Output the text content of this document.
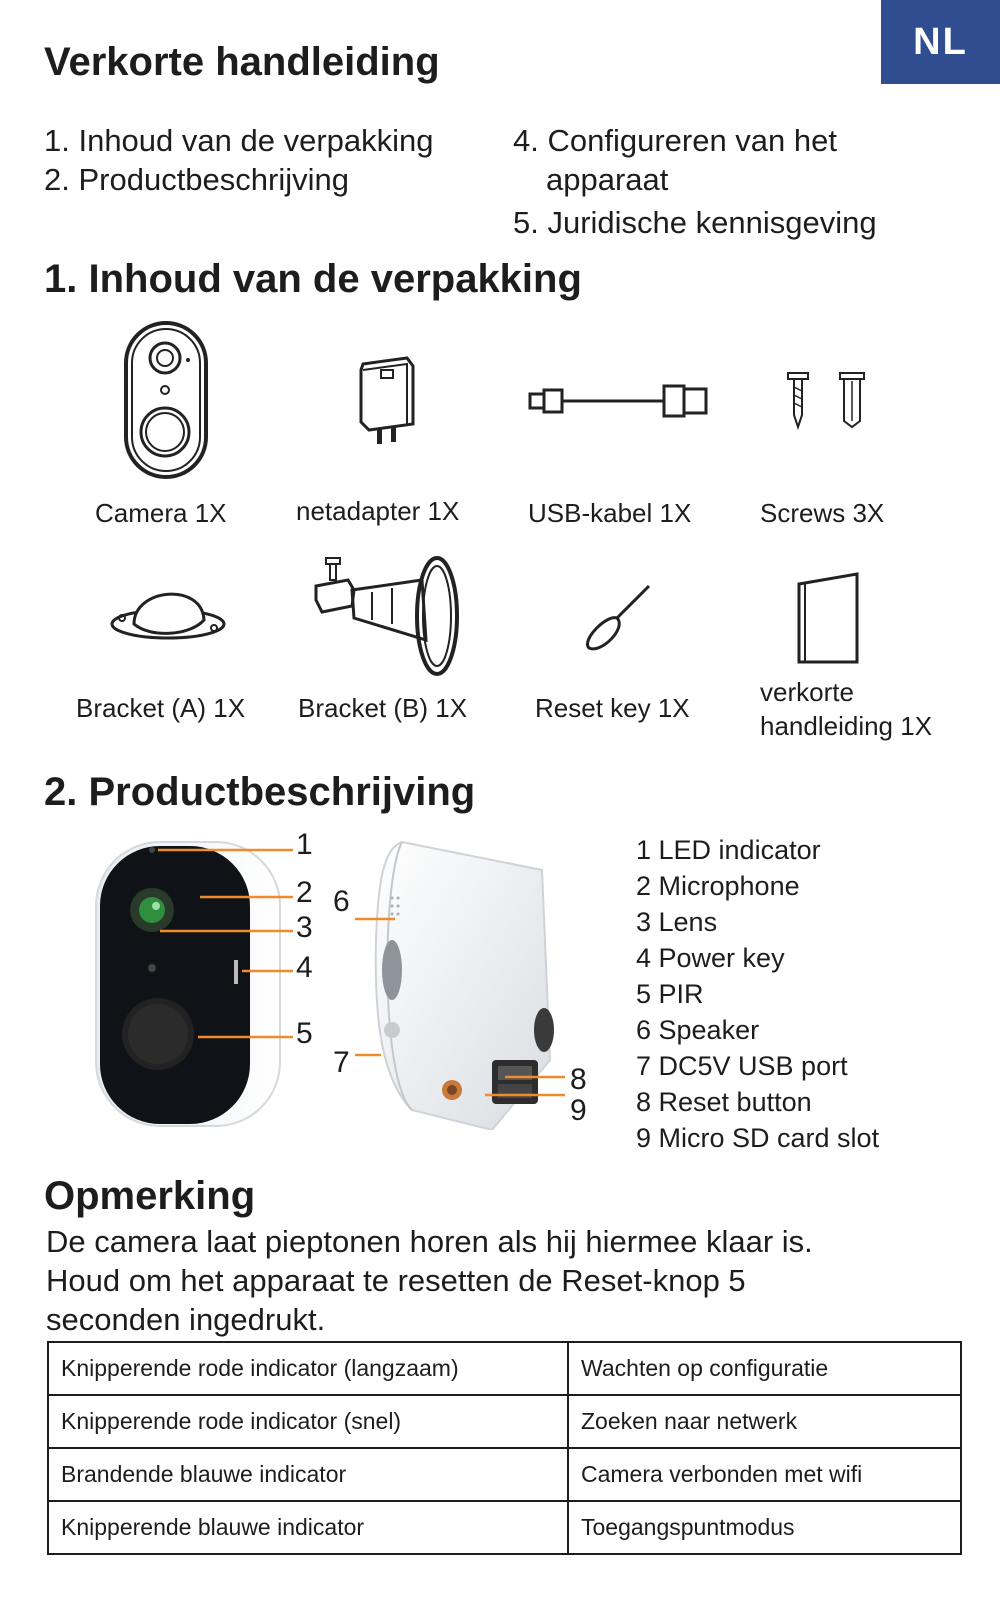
NL
Verkorte handleiding
1. Inhoud van de verpakking
2. Productbeschrijving
4. Configureren van het
apparaat
5. Juridische kennisgeving
1. Inhoud van de verpakking
Camera 1X	netadapter 1X	USB-kabel 1X	Screws 3X
Bracket (A) 1X Bracket (B) 1X	Reset key 1X
verkorte
handleiding 1X
2. Productbeschrijving
1
2
3
4
5
6
7
8
9
1 LED indicator
2 Microphone
3 Lens
4 Power key
5 PIR
6 Speaker
7 DC5V USB port
8 Reset button
9 Micro SD card slot
Opmerking
De camera laat pieptonen horen als hij hiermee klaar is.
Houd om het apparaat te resetten de Reset-knop 5
seconden ingedrukt.
Knipperende rode indicator (langzaam)	Wachten op configuratie
Knipperende rode indicator (snel)	Zoeken naar netwerk
Brandende blauwe indicator	Camera verbonden met wifi
Knipperende blauwe indicator	Toegangspuntmodus
